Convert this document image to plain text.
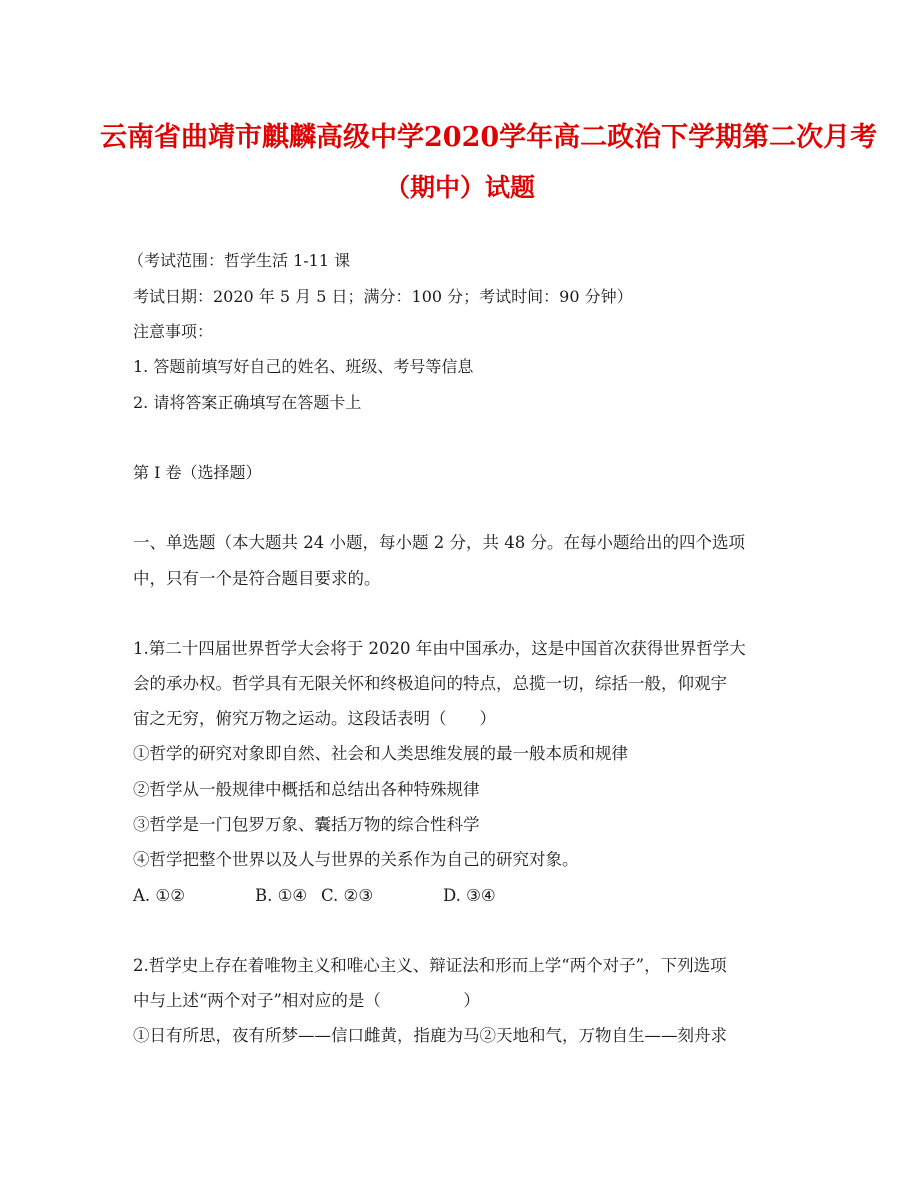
云南省曲靖市麒麟高级中学2020学年高二政治下学期第二次月考
（期中）试题
（考试范围：哲学生活 1-11 课
考试日期：2020 年 5 月 5 日；满分：100 分；考试时间：90 分钟）
注意事项：
1. 答题前填写好自己的姓名、班级、考号等信息
2. 请将答案正确填写在答题卡上
第 I 卷（选择题）
一、单选题（本大题共 24 小题，每小题 2 分，共 48 分。在每小题给出的四个选项
中，只有一个是符合题目要求的。
1.第二十四届世界哲学大会将于 2020 年由中国承办，这是中国首次获得世界哲学大
会的承办权。哲学具有无限关怀和终极追问的特点，总揽一切，综括一般，仰观宇
宙之无穷，俯究万物之运动。这段话表明（　　）
①哲学的研究对象即自然、社会和人类思维发展的最一般本质和规律
②哲学从一般规律中概括和总结出各种特殊规律
③哲学是一门包罗万象、囊括万物的综合性科学
④哲学把整个世界以及人与世界的关系作为自己的研究对象。
A. ①②	B. ①④ C. ②③	D. ③④
2.哲学史上存在着唯物主义和唯心主义、辩证法和形而上学“两个对子”，下列选项
中与上述“两个对子”相对应的是（　　　　　）
①日有所思，夜有所梦——信口雌黄，指鹿为马②天地和气，万物自生——刻舟求
